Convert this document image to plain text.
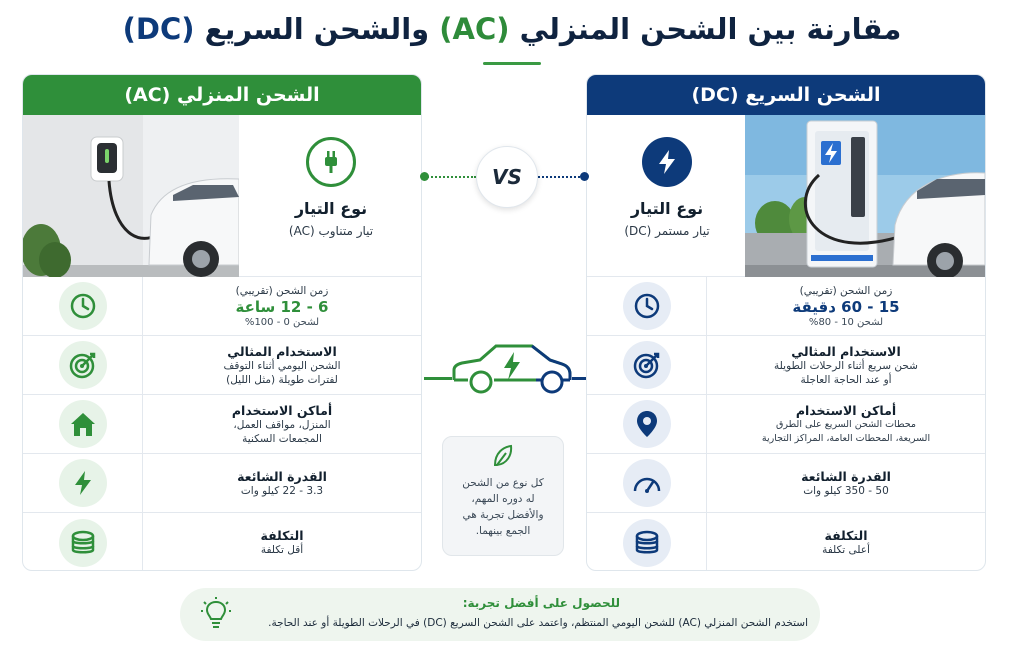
مقارنة بين الشحن المنزلي (AC) والشحن السريع (DC)
الشحن المنزلي (AC)
نوع التيار
تيار متناوب (AC)
زمن الشحن (تقريبي)
6 - 12 ساعة
لشحن 0 - 100%
الاستخدام المثالي
الشحن اليومي أثناء التوقف
لفترات طويلة (مثل الليل)
أماكن الاستخدام
المنزل، مواقف العمل،
المجمعات السكنية
القدرة الشائعة
3.3 - 22 كيلو وات
التكلفة
أقل تكلفة
الشحن السريع (DC)
نوع التيار
تيار مستمر (DC)
زمن الشحن (تقريبي)
15 - 60 دقيقة
لشحن 10 - 80%
الاستخدام المثالي
شحن سريع أثناء الرحلات الطويلة
أو عند الحاجة العاجلة
أماكن الاستخدام
محطات الشحن السريع على الطرق
السريعة، المحطات العامة، المراكز التجارية
القدرة الشائعة
50 - 350 كيلو وات
التكلفة
أعلى تكلفة
VS
كل نوع من الشحن
له دوره المهم،
والأفضل تجربة هي
الجمع بينهما.
للحصول على أفضل تجربة:
استخدم الشحن المنزلي (AC) للشحن اليومي المنتظم، واعتمد على الشحن السريع (DC) في الرحلات الطويلة أو عند الحاجة.
